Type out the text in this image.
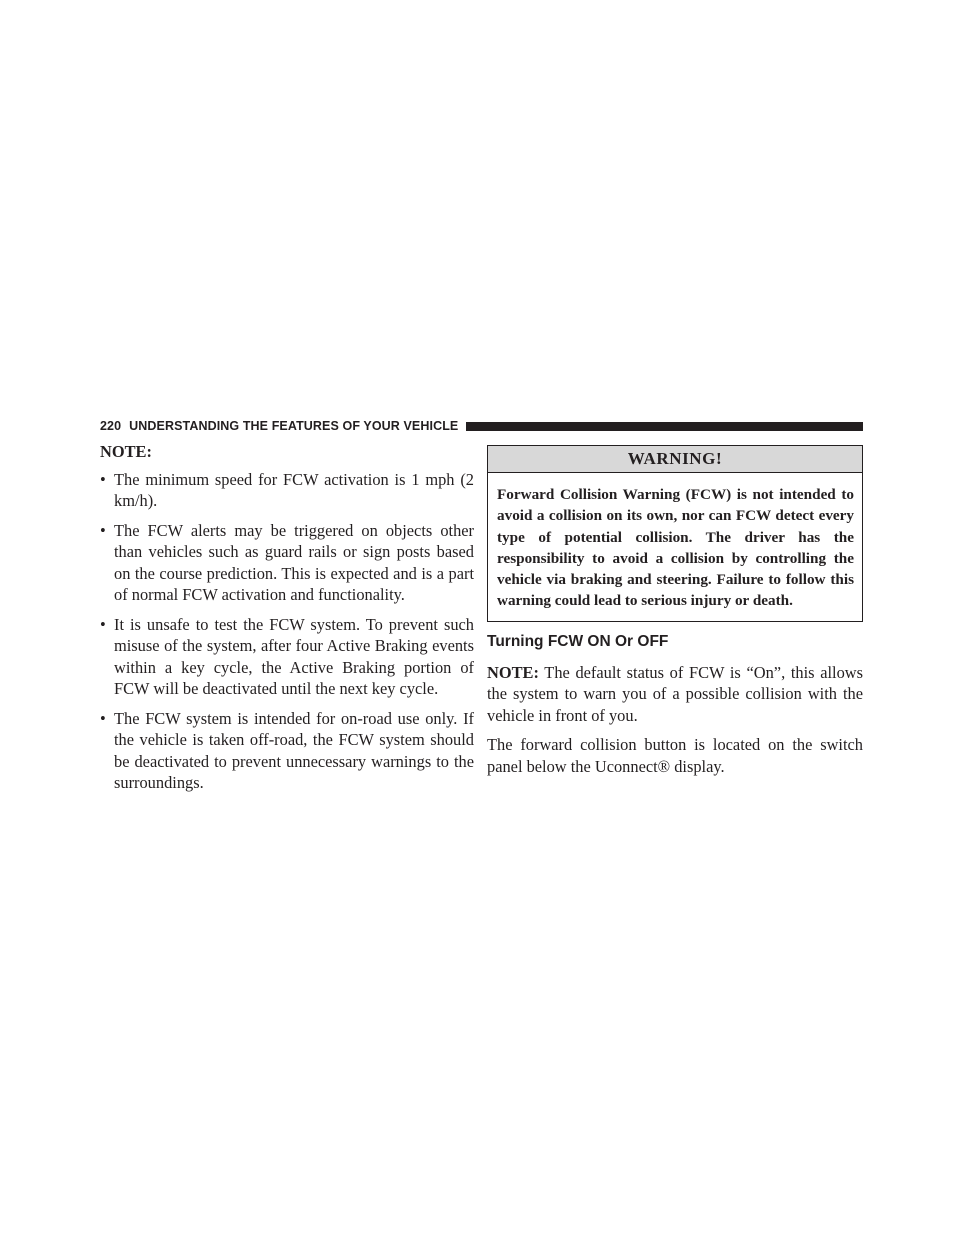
220 UNDERSTANDING THE FEATURES OF YOUR VEHICLE
NOTE:
• The minimum speed for FCW activation is 1 mph (2 km/h).
• The FCW alerts may be triggered on objects other than vehicles such as guard rails or sign posts based on the course prediction. This is expected and is a part of normal FCW activation and functionality.
• It is unsafe to test the FCW system. To prevent such misuse of the system, after four Active Braking events within a key cycle, the Active Braking portion of FCW will be deactivated until the next key cycle.
• The FCW system is intended for on-road use only. If the vehicle is taken off-road, the FCW system should be deactivated to prevent unnecessary warnings to the surroundings.
WARNING!
Forward Collision Warning (FCW) is not intended to avoid a collision on its own, nor can FCW detect every type of potential collision. The driver has the responsibility to avoid a collision by controlling the vehicle via braking and steering. Failure to follow this warning could lead to serious injury or death.
Turning FCW ON Or OFF

NOTE: The default status of FCW is “On”, this allows the system to warn you of a possible collision with the vehicle in front of you.

The forward collision button is located on the switch panel below the Uconnect® display.
